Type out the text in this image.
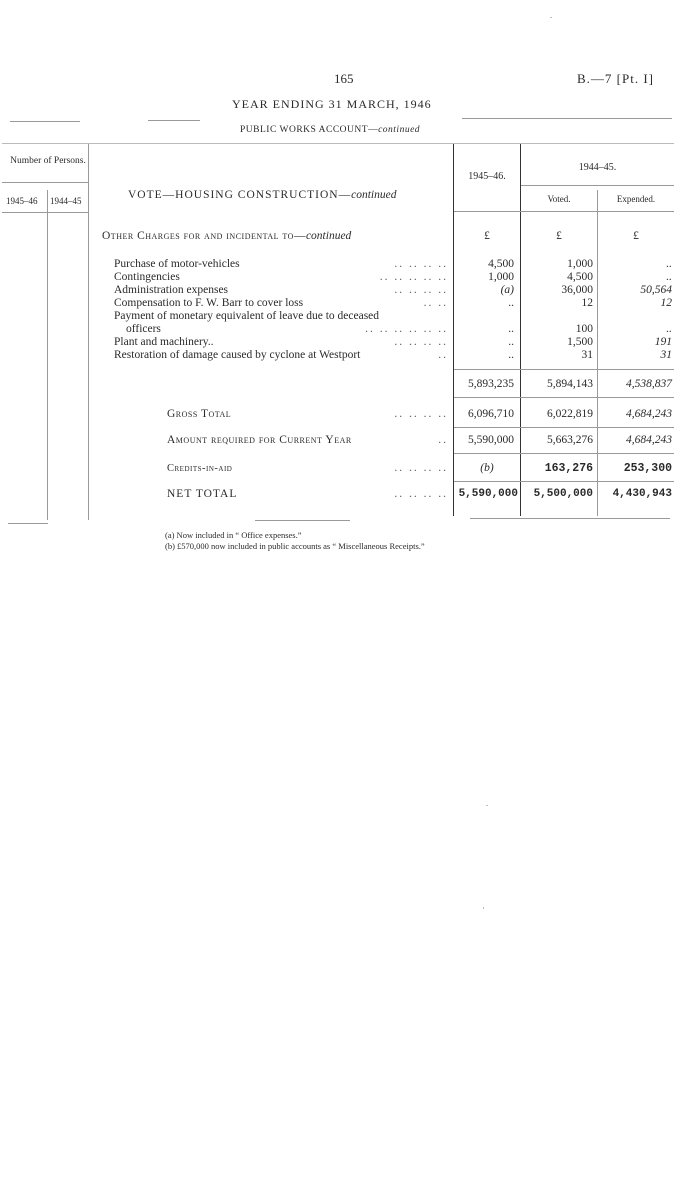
165	B.—7 [Pt. I]
YEAR ENDING 31 MARCH, 1946
PUBLIC WORKS ACCOUNT—continued
Number of Persons.
1945–46 1944–45
1945–46.
1944–45.
Voted.	Expended.
VOTE—HOUSING CONSTRUCTION—continued
Other Charges for and incidental to—continued	£	£	£
Purchase of motor-vehicles	.. .. .. ..	4,500	1,000	..
Contingencies	.. .. .. .. ..	1,000	4,500	..
Administration expenses	.. .. .. ..	(a)	36,000	50,564
Compensation to F. W. Barr to cover loss	.. ..	..	12	12
Payment of monetary equivalent of leave due to deceased
officers	.. .. .. .. .. ..	..	100	..
Plant and machinery..	.. .. .. ..	..	1,500	191
Restoration of damage caused by cyclone at Westport	..	..	31	31
5,893,235	5,894,143	4,538,837
Gross Total	.. .. .. ..	6,096,710	6,022,819	4,684,243
Amount required for Current Year	..	5,590,000	5,663,276	4,684,243
Credits-in-aid	.. .. .. ..	(b)	163,276	253,300
NET TOTAL	.. .. .. .. 5,590,000	5,500,000	4,430,943
(a) Now included in “ Office expenses.”
(b) £570,000 now included in public accounts as “ Miscellaneous Receipts.”
